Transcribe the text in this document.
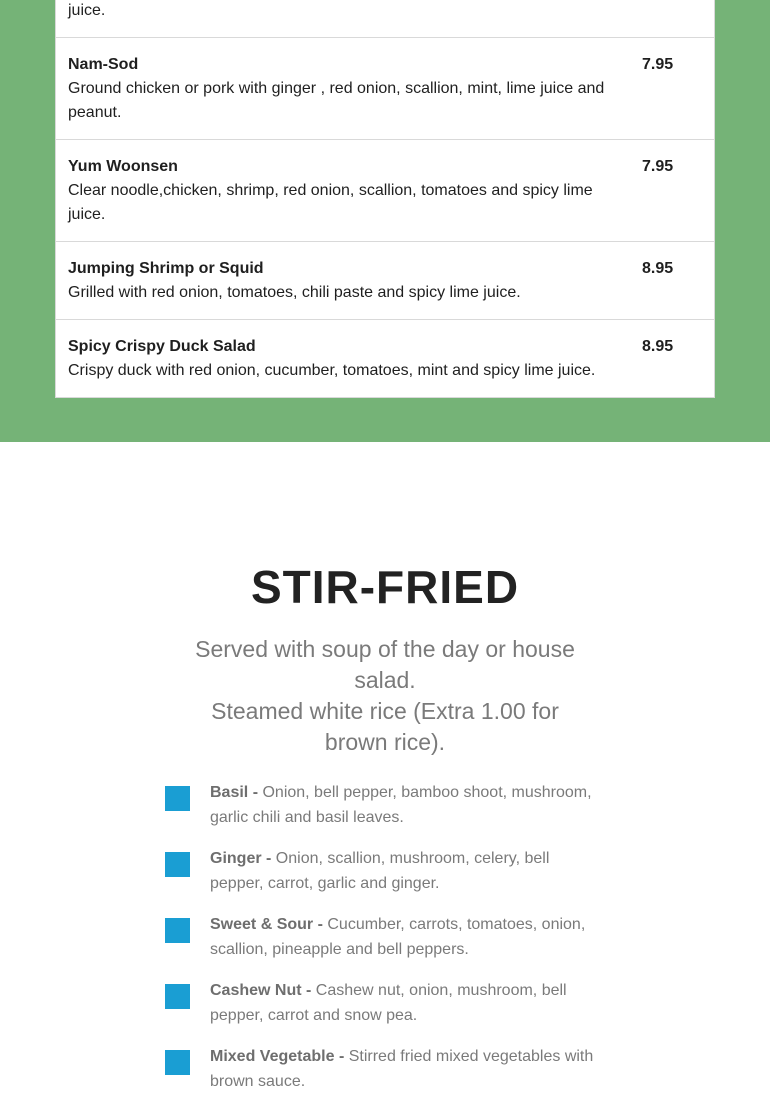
juice.
Nam-Sod
Ground chicken or pork with ginger , red onion, scallion, mint, lime juice and peanut.
7.95
Yum Woonsen
Clear noodle,chicken, shrimp, red onion, scallion, tomatoes and spicy lime juice.
7.95
Jumping Shrimp or Squid
Grilled with red onion, tomatoes, chili paste and spicy lime juice.
8.95
Spicy Crispy Duck Salad
Crispy duck with red onion, cucumber, tomatoes, mint and spicy lime juice.
8.95
STIR-FRIED
Served with soup of the day or house salad.
Steamed white rice (Extra 1.00 for brown rice).
Basil - Onion, bell pepper, bamboo shoot, mushroom, garlic chili and basil leaves.
Ginger - Onion, scallion, mushroom, celery, bell pepper, carrot, garlic and ginger.
Sweet & Sour - Cucumber, carrots, tomatoes, onion, scallion, pineapple and bell peppers.
Cashew Nut - Cashew nut, onion, mushroom, bell pepper, carrot and snow pea.
Mixed Vegetable - Stirred fried mixed vegetables with brown sauce.
